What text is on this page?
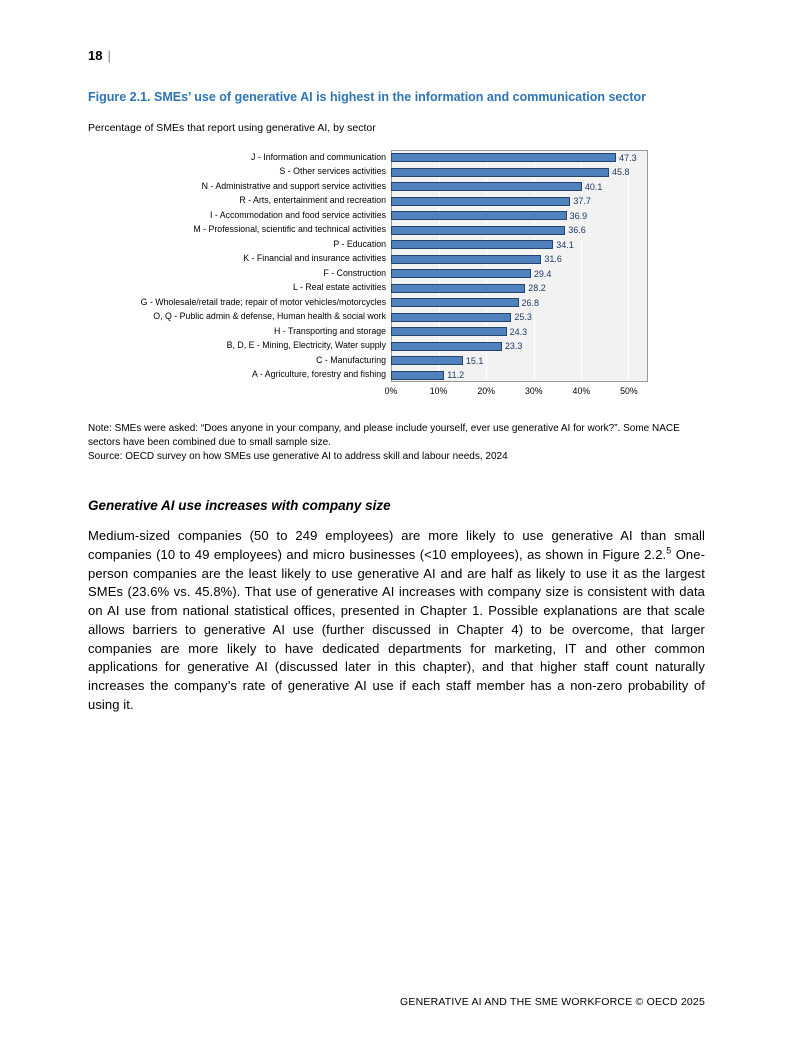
18 |
Figure 2.1. SMEs’ use of generative AI is highest in the information and communication sector
Percentage of SMEs that report using generative AI, by sector
J - Information and communication	47.3
S - Other services activities	45.8
N - Administrative and support service activities	40.1
R - Arts, entertainment and recreation	37.7
I - Accommodation and food service activities	36.9
M - Professional, scientific and technical activities	36.6
P - Education	34.1
K - Financial and insurance activities	31.6
F - Construction	29.4
L - Real estate activities	28.2
G - Wholesale/retail trade; repair of motor vehicles/motorcycles	26.8
O, Q - Public admin & defense, Human health & social work	25.3
H - Transporting and storage	24.3
B, D, E - Mining, Electricity, Water supply	23.3
C - Manufacturing	15.1
A - Agriculture, forestry and fishing	11.2
0%	10%	20%	30%	40%	50%
Note: SMEs were asked: “Does anyone in your company, and please include yourself, ever use generative AI for work?”. Some NACE sectors have been combined due to small sample size.
Source: OECD survey on how SMEs use generative AI to address skill and labour needs, 2024
Generative AI use increases with company size

Medium-sized companies (50 to 249 employees) are more likely to use generative AI than small companies (10 to 49 employees) and micro businesses (<10 employees), as shown in Figure 2.2.$^5$ One-person companies are the least likely to use generative AI and are half as likely to use it as the largest SMEs (23.6% vs. 45.8%). That use of generative AI increases with company size is consistent with data on AI use from national statistical offices, presented in Chapter 1. Possible explanations are that scale allows barriers to generative AI use (further discussed in Chapter 4) to be overcome, that larger companies are more likely to have dedicated departments for marketing, IT and other common applications for generative AI (discussed later in this chapter), and that higher staff count naturally increases the company’s rate of generative AI use if each staff member has a non-zero probability of using it.

GENERATIVE AI AND THE SME WORKFORCE © OECD 2025
